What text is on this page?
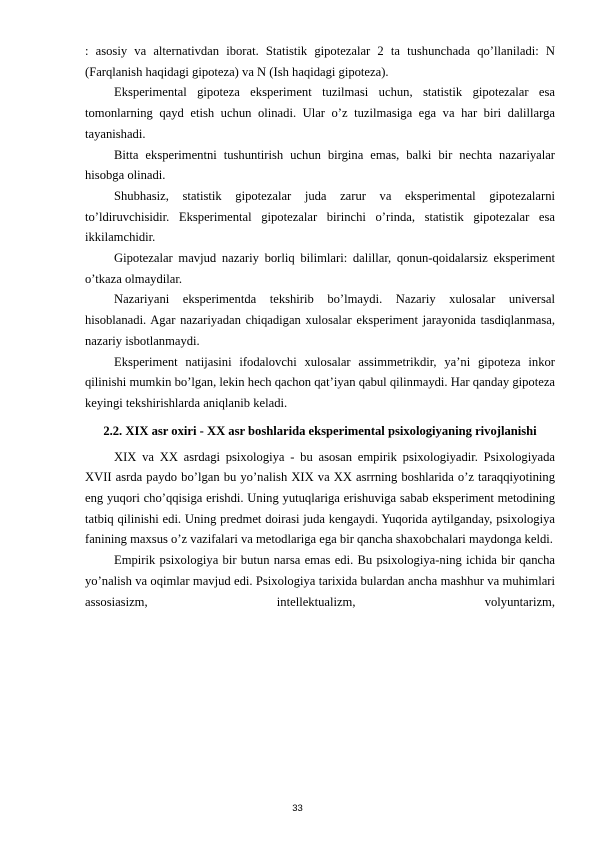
: asosiy va alternativdan iborat. Statistik gipotezalar 2 ta tushunchada qo’llaniladi: N (Farqlanish haqidagi gipoteza) va N (Ish haqidagi gipoteza).

Eksperimental gipoteza eksperiment tuzilmasi uchun, statistik gipotezalar esa tomonlarning qayd etish uchun olinadi. Ular o’z tuzilmasiga ega va har biri dalillarga tayanishadi.

Bitta eksperimentni tushuntirish uchun birgina emas, balki bir nechta nazariyalar hisobga olinadi.

Shubhasiz, statistik gipotezalar juda zarur va eksperimental gipotezalarni to’ldiruvchisidir. Eksperimental gipotezalar birinchi o’rinda, statistik gipotezalar esa ikkilamchidir.

Gipotezalar mavjud nazariy borliq bilimlari: dalillar, qonun-qoidalarsiz eksperiment o’tkaza olmaydilar.

Nazariyani eksperimentda tekshirib bo’lmaydi. Nazariy xulosalar universal hisoblanadi. Agar nazariyadan chiqadigan xulosalar eksperiment jarayonida tasdiqlanmasa, nazariy isbotlanmaydi.

Eksperiment natijasini ifodalovchi xulosalar assimmetrikdir, ya’ni gipoteza inkor qilinishi mumkin bo’lgan, lekin hech qachon qat’iyan qabul qilinmaydi. Har qanday gipoteza keyingi tekshirishlarda aniqlanib keladi.

2.2. XIX asr oxiri - XX asr boshlarida eksperimental psixologiyaning rivojlanishi

XIX va XX asrdagi psixologiya - bu asosan empirik psixologiyadir. Psixologiyada XVII asrda paydo bo’lgan bu yo’nalish XIX va XX asrrning boshlarida o’z taraqqiyotining eng yuqori cho’qqisiga erishdi. Uning yutuqlariga erishuviga sabab eksperiment metodining tatbiq qilinishi edi. Uning predmet doirasi juda kengaydi. Yuqorida aytilganday, psixologiya fanining maxsus o’z vazifalari va metodlariga ega bir qancha shaxobchalari maydonga keldi.

Empirik psixologiya bir butun narsa emas edi. Bu psixologiya-ning ichida bir qancha yo’nalish va oqimlar mavjud edi. Psixologiya tarixida bulardan ancha mashhur va muhimlari assosiasizm, intellektualizm, volyuntarizm,

33
